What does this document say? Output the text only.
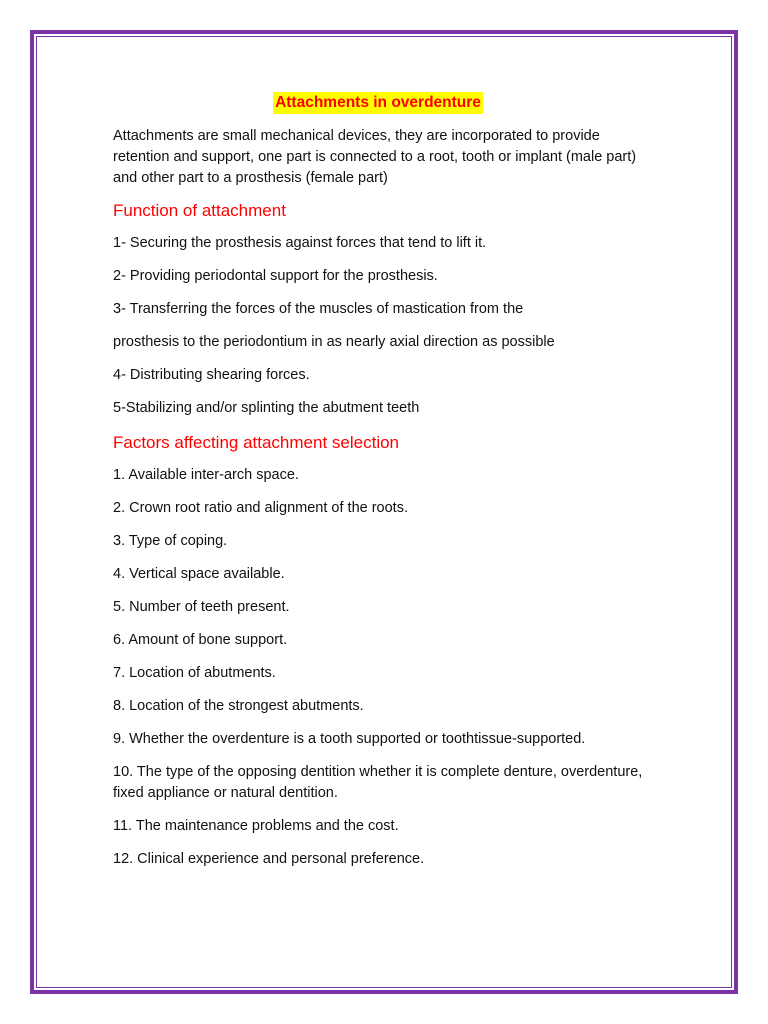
Attachments in overdenture

Attachments are small mechanical devices, they are incorporated to provide retention and support, one part is connected to a root, tooth or implant (male part) and other part to a prosthesis (female part)

Function of attachment

1- Securing the prosthesis against forces that tend to lift it.

2- Providing periodontal support for the prosthesis.

3- Transferring the forces of the muscles of mastication from the

prosthesis to the periodontium in as nearly axial direction as possible

4- Distributing shearing forces.

5-Stabilizing and/or splinting the abutment teeth

Factors affecting attachment selection

1. Available inter-arch space.

2. Crown root ratio and alignment of the roots.

3. Type of coping.

4. Vertical space available.

5. Number of teeth present.

6. Amount of bone support.

7. Location of abutments.

8. Location of the strongest abutments.

9. Whether the overdenture is a tooth supported or toothtissue-supported.

10. The type of the opposing dentition whether it is complete denture, overdenture, fixed appliance or natural dentition.

11. The maintenance problems and the cost.

12. Clinical experience and personal preference.
